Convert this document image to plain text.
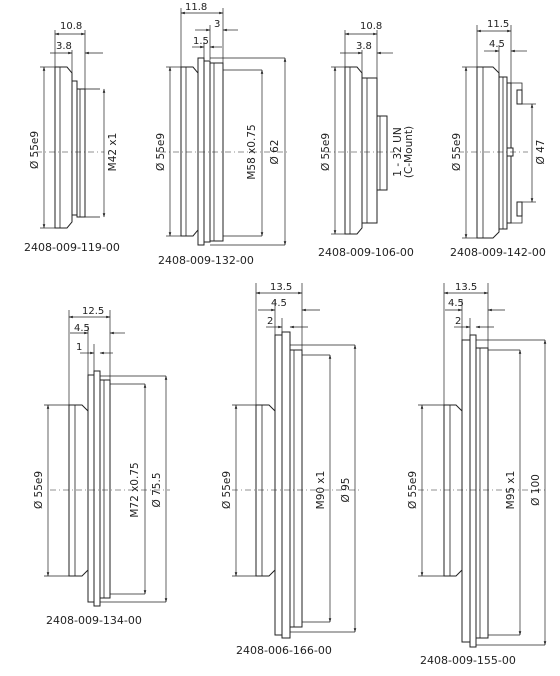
10.8
3.8
Ø 55e9	M42 x1
2408-009-119-00
11.8
3
1.5
Ø 55e9	M58 x0.75 Ø 62
2408-009-132-00
10.8
3.8
Ø 55e9	1 - 32 UN (C-Mount)
2408-009-106-00
11.5
4.5
Ø 55e9	Ø 47
2408-009-142-00
12.5
4.5
1
Ø 55e9	M72 x0.75 Ø 75.5
2408-009-134-00
13.5
4.5
2
Ø 55e9	M90 x1 Ø 95
2408-006-166-00
13.5
4.5
2
Ø 55e9	M95 x1 Ø 100
2408-009-155-00
